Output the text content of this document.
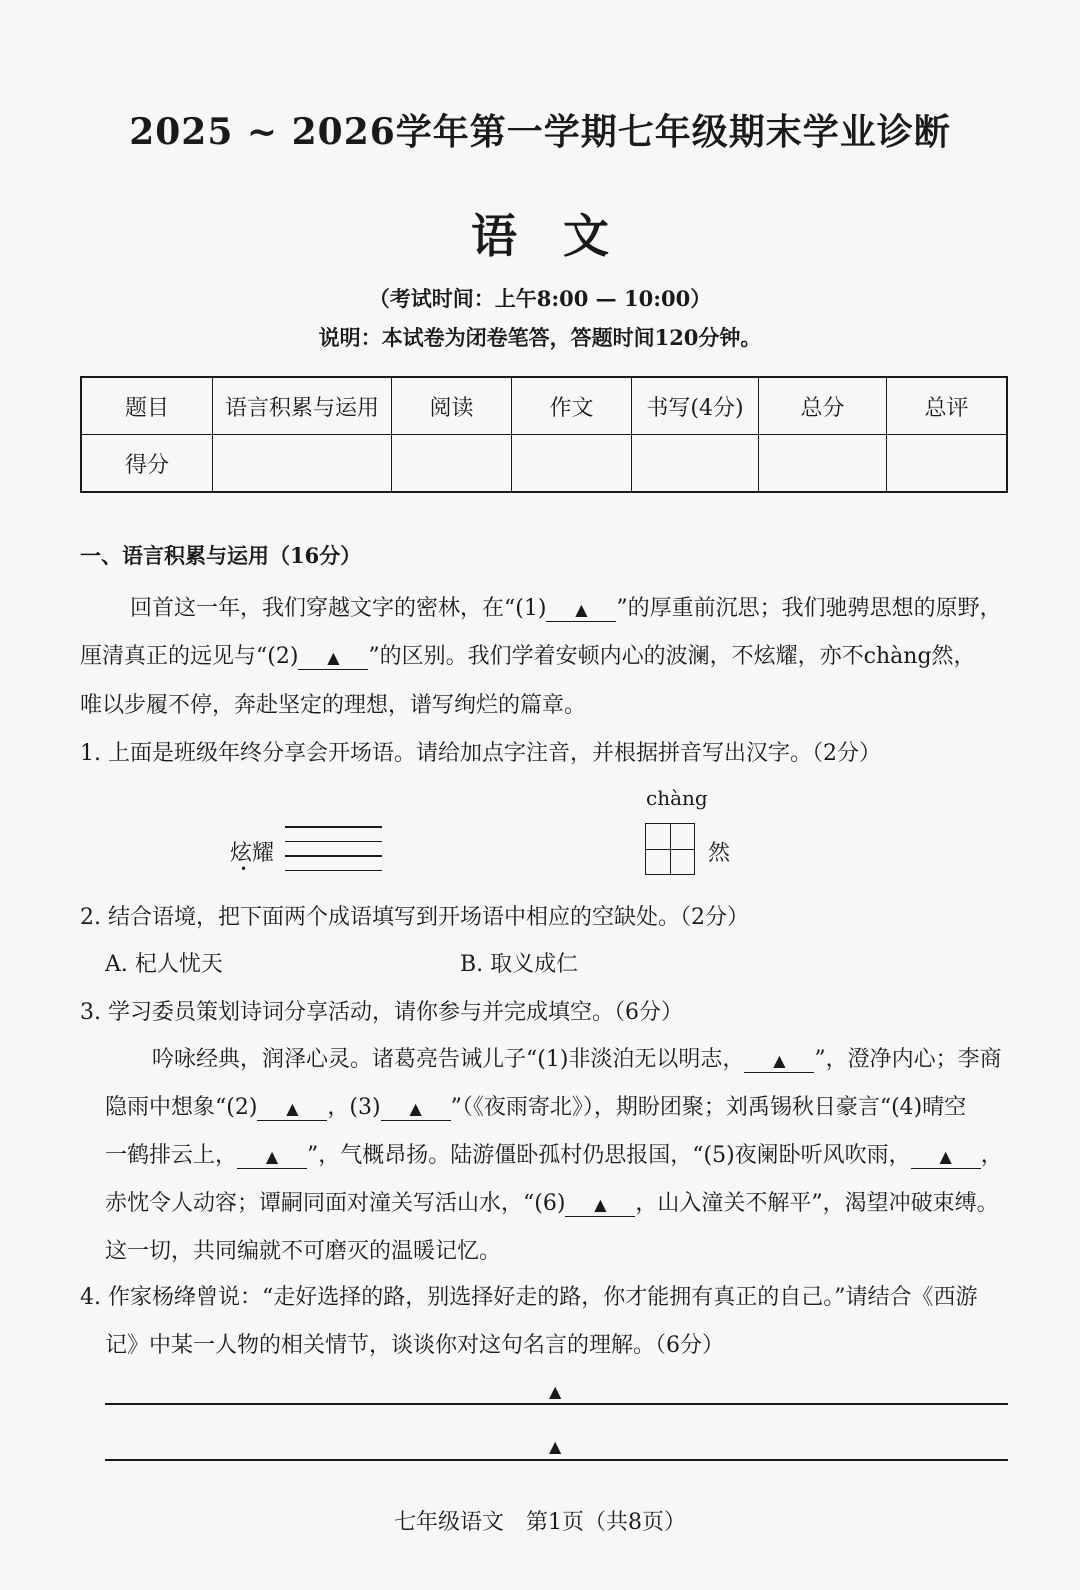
2025 ~ 2026学年第一学期七年级期末学业诊断
语　文
（考试时间：上午8:00 — 10:00）
说明：本试卷为闭卷笔答，答题时间120分钟。
题目	语言积累与运用	阅读	作文	书写(4分)	总分	总评
得分						
一、语言积累与运用（16分）
回首这一年，我们穿越文字的密林，在“(1) ▲ ”的厚重前沉思；我们驰骋思想的原野，
厘清真正的远见与“(2) ▲ ”的区别。我们学着安顿内心的波澜，不炫耀，亦不chàng然，
唯以步履不停，奔赴坚定的理想，谱写绚烂的篇章。
1. 上面是班级年终分享会开场语。请给加点字注音，并根据拼音写出汉字。（2分）
chàng
炫耀
•
然
2. 结合语境，把下面两个成语填写到开场语中相应的空缺处。（2分）
A. 杞人忧天	B. 取义成仁
3. 学习委员策划诗词分享活动，请你参与并完成填空。（6分）
吟咏经典，润泽心灵。诸葛亮告诫儿子“(1)非淡泊无以明志， ▲ ”，澄净内心；李商
隐雨中想象“(2) ▲ ，(3) ▲ ”（《夜雨寄北》），期盼团聚；刘禹锡秋日豪言“(4)晴空
一鹤排云上， ▲ ”，气概昂扬。陆游僵卧孤村仍思报国，“(5)夜阑卧听风吹雨， ▲ ，
赤忱令人动容；谭嗣同面对潼关写活山水，“(6) ▲ ，山入潼关不解平”，渴望冲破束缚。
这一切，共同编就不可磨灭的温暖记忆。
4. 作家杨绛曾说：“走好选择的路，别选择好走的路，你才能拥有真正的自己。”请结合《西游
记》中某一人物的相关情节，谈谈你对这句名言的理解。（6分）
▲
▲
七年级语文　第1页（共8页）
